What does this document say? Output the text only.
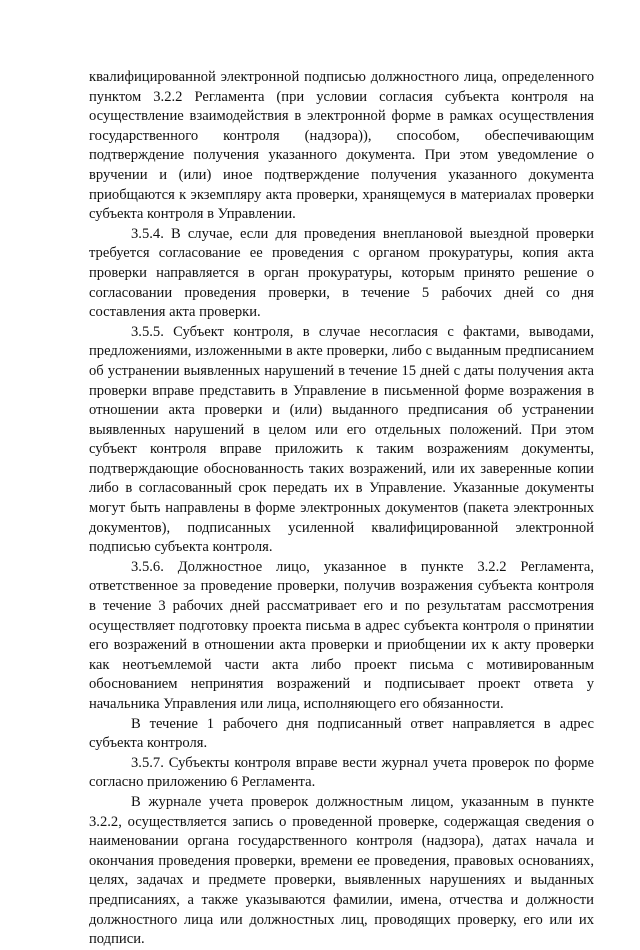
квалифицированной электронной подписью должностного лица, определенного пунктом 3.2.2 Регламента (при условии согласия субъекта контроля на осуществление взаимодействия в электронной форме в рамках осуществления государственного контроля (надзора)), способом, обеспечивающим подтверждение получения указанного документа. При этом уведомление о вручении и (или) иное подтверждение получения указанного документа приобщаются к экземпляру акта проверки, хранящемуся в материалах проверки субъекта контроля в Управлении.

3.5.4. В случае, если для проведения внеплановой выездной проверки требуется согласование ее проведения с органом прокуратуры, копия акта проверки направляется в орган прокуратуры, которым принято решение о согласовании проведения проверки, в течение 5 рабочих дней со дня составления акта проверки.

3.5.5. Субъект контроля, в случае несогласия с фактами, выводами, предложениями, изложенными в акте проверки, либо с выданным предписанием об устранении выявленных нарушений в течение 15 дней с даты получения акта проверки вправе представить в Управление в письменной форме возражения в отношении акта проверки и (или) выданного предписания об устранении выявленных нарушений в целом или его отдельных положений. При этом субъект контроля вправе приложить к таким возражениям документы, подтверждающие обоснованность таких возражений, или их заверенные копии либо в согласованный срок передать их в Управление. Указанные документы могут быть направлены в форме электронных документов (пакета электронных документов), подписанных усиленной квалифицированной электронной подписью субъекта контроля.

3.5.6. Должностное лицо, указанное в пункте 3.2.2 Регламента, ответственное за проведение проверки, получив возражения субъекта контроля в течение 3 рабочих дней рассматривает его и по результатам рассмотрения осуществляет подготовку проекта письма в адрес субъекта контроля о принятии его возражений в отношении акта проверки и приобщении их к акту проверки как неотъемлемой части акта либо проект письма с мотивированным обоснованием непринятия возражений и подписывает проект ответа у начальника Управления или лица, исполняющего его обязанности.

В течение 1 рабочего дня подписанный ответ направляется в адрес субъекта контроля.

3.5.7. Субъекты контроля вправе вести журнал учета проверок по форме согласно приложению 6 Регламента.

В журнале учета проверок должностным лицом, указанным в пункте 3.2.2, осуществляется запись о проведенной проверке, содержащая сведения о наименовании органа государственного контроля (надзора), датах начала и окончания проведения проверки, времени ее проведения, правовых основаниях, целях, задачах и предмете проверки, выявленных нарушениях и выданных предписаниях, а также указываются фамилии, имена, отчества и должности должностного лица или должностных лиц, проводящих проверку, его или их подписи.
